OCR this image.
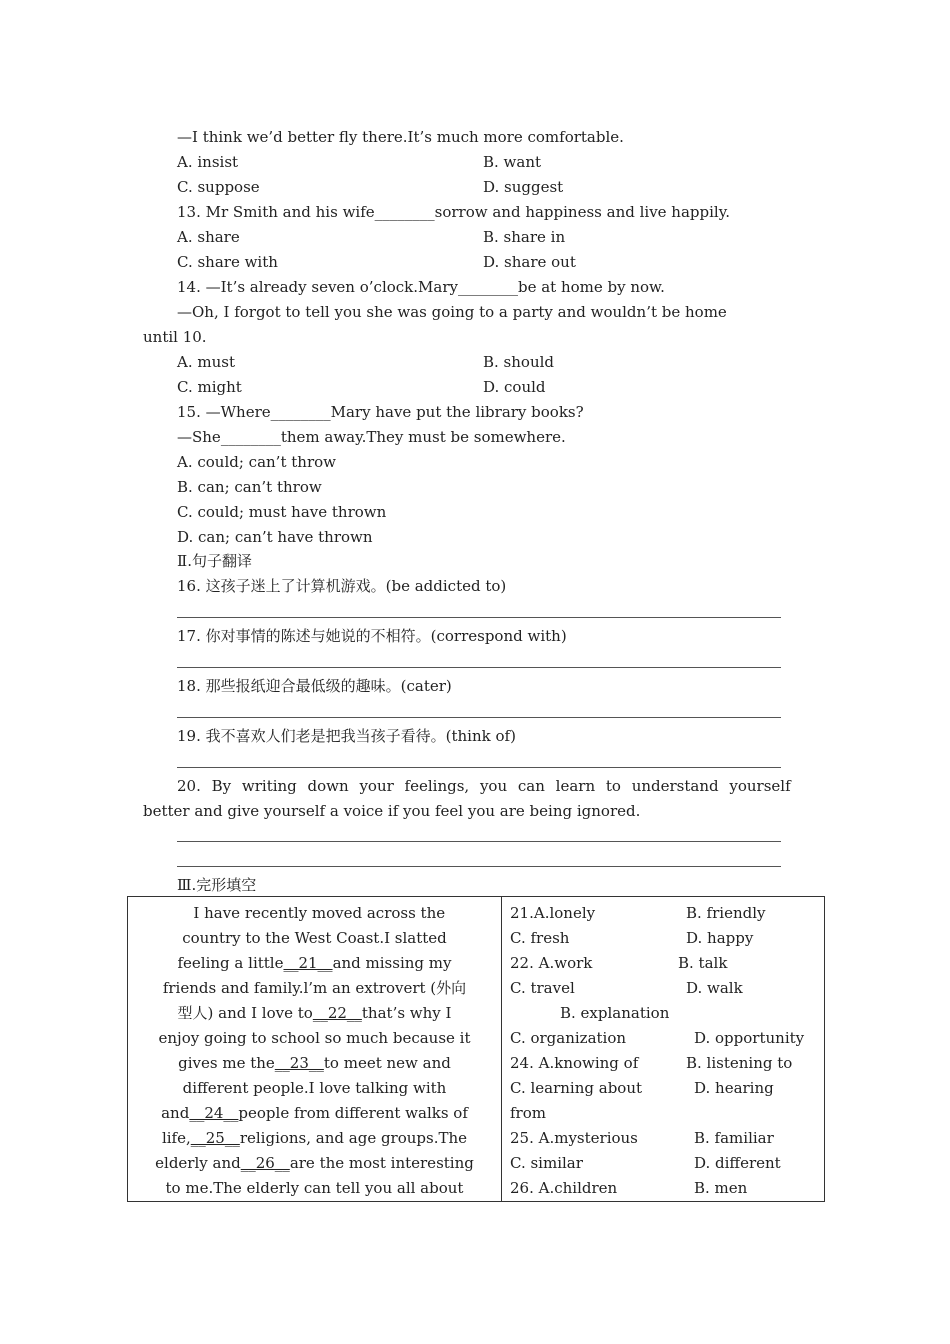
—I think we’d better fly there.It’s much more comfortable.
A. insist	B. want
C. suppose	D. suggest
13. Mr Smith and his wife________sorrow and happiness and live happily.
A. share	B. share in
C. share with	D. share out
14. —It’s already seven o’clock.Mary________be at home by now.
—Oh, I forgot to tell you she was going to a party and wouldn’t be home
until 10.
A. must	B. should
C. might	D. could
15. —Where________Mary have put the library books?
—She________them away.They must be somewhere.
A. could; can’t throw
B. can; can’t throw
C. could; must have thrown
D. can; can’t have thrown
Ⅱ.句子翻译
16. 这孩子迷上了计算机游戏。(be addicted to)
17. 你对事情的陈述与她说的不相符。(correspond with)
18. 那些报纸迎合最低级的趣味。(cater)
19. 我不喜欢人们老是把我当孩子看待。(think of)
20. By writing down your feelings, you can learn to understand yourself
better and give yourself a voice if you feel you are being ignored.
Ⅲ.完形填空
I have recently moved across the
country to the West Coast.I slatted
feeling a little__21__and missing my
friends and family.l’m an extrovert (外向
型人) and I love to__22__that’s why I
enjoy going to school so much because it
gives me the__23__to meet new and
different people.I love talking with
and__24__people from different walks of
life,__25__religions, and age groups.The
elderly and__26__are the most interesting
to me.The elderly can tell you all about

21.A.lonely	B. friendly
C. fresh	D. happy
22. A.work	B. talk
C. travel	D. walk
B. explanation
C. organization	D. opportunity
24. A.knowing of	B. listening to
C. learning about	D. hearing
from
25. A.mysterious	B. familiar
C. similar	D. different
26. A.children	B. men
